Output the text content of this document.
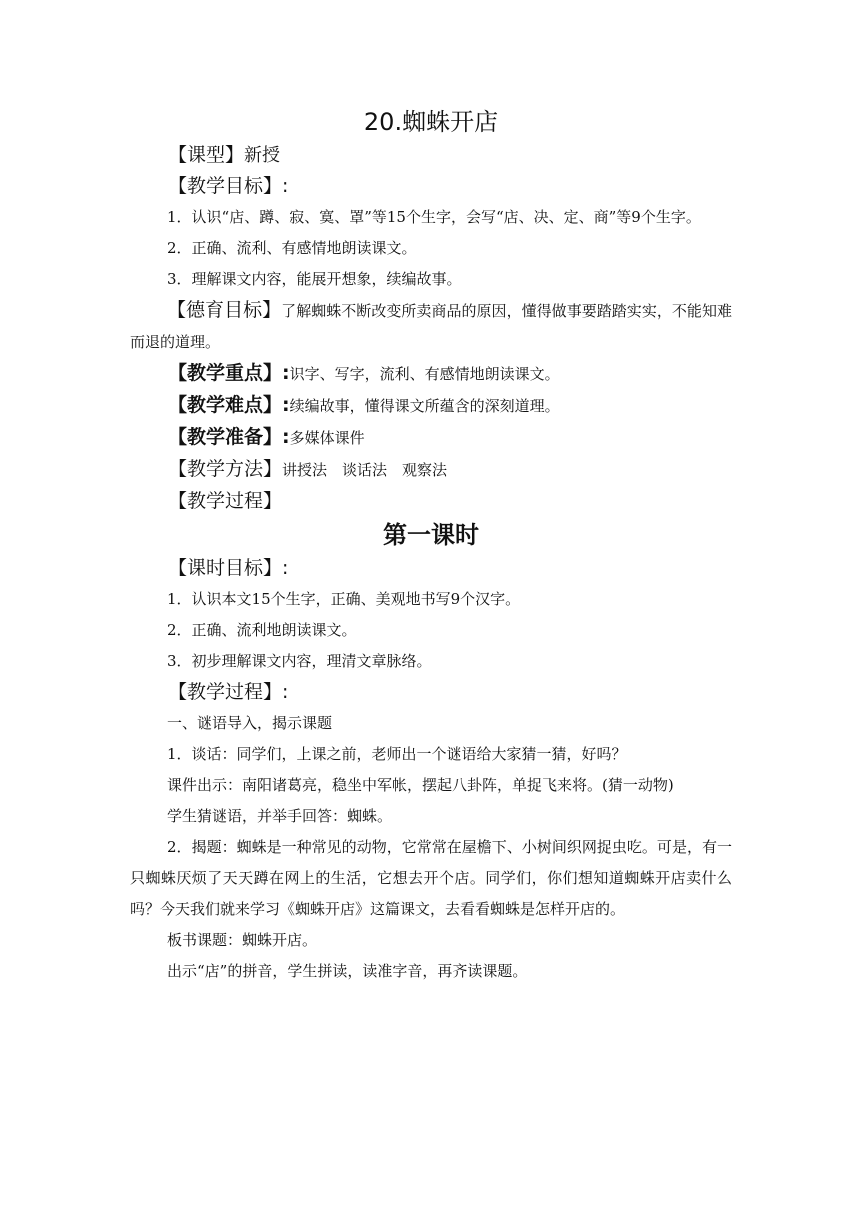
20.蜘蛛开店
【课型】新授
【教学目标】:

1．认识“店、蹲、寂、寞、罩”等15个生字，会写“店、决、定、商”等9个生字。

2．正确、流利、有感情地朗读课文。

3．理解课文内容，能展开想象，续编故事。

【德育目标】了解蜘蛛不断改变所卖商品的原因，懂得做事要踏踏实实，不能知难而退的道理。

【教学重点】:识字、写字，流利、有感情地朗读课文。
【教学难点】:续编故事，懂得课文所蕴含的深刻道理。
【教学准备】:多媒体课件
【教学方法】讲授法　谈话法　观察法
【教学过程】
第一课时
【课时目标】:

1．认识本文15个生字，正确、美观地书写9个汉字。

2．正确、流利地朗读课文。

3．初步理解课文内容，理清文章脉络。

【教学过程】:

一、谜语导入，揭示课题

1．谈话：同学们，上课之前，老师出一个谜语给大家猜一猜，好吗？

课件出示：南阳诸葛亮，稳坐中军帐，摆起八卦阵，单捉飞来将。(猜一动物)

学生猜谜语，并举手回答：蜘蛛。

2．揭题：蜘蛛是一种常见的动物，它常常在屋檐下、小树间织网捉虫吃。可是，有一只蜘蛛厌烦了天天蹲在网上的生活，它想去开个店。同学们，你们想知道蜘蛛开店卖什么吗？今天我们就来学习《蜘蛛开店》这篇课文，去看看蜘蛛是怎样开店的。

板书课题：蜘蛛开店。

出示“店”的拼音，学生拼读，读准字音，再齐读课题。
